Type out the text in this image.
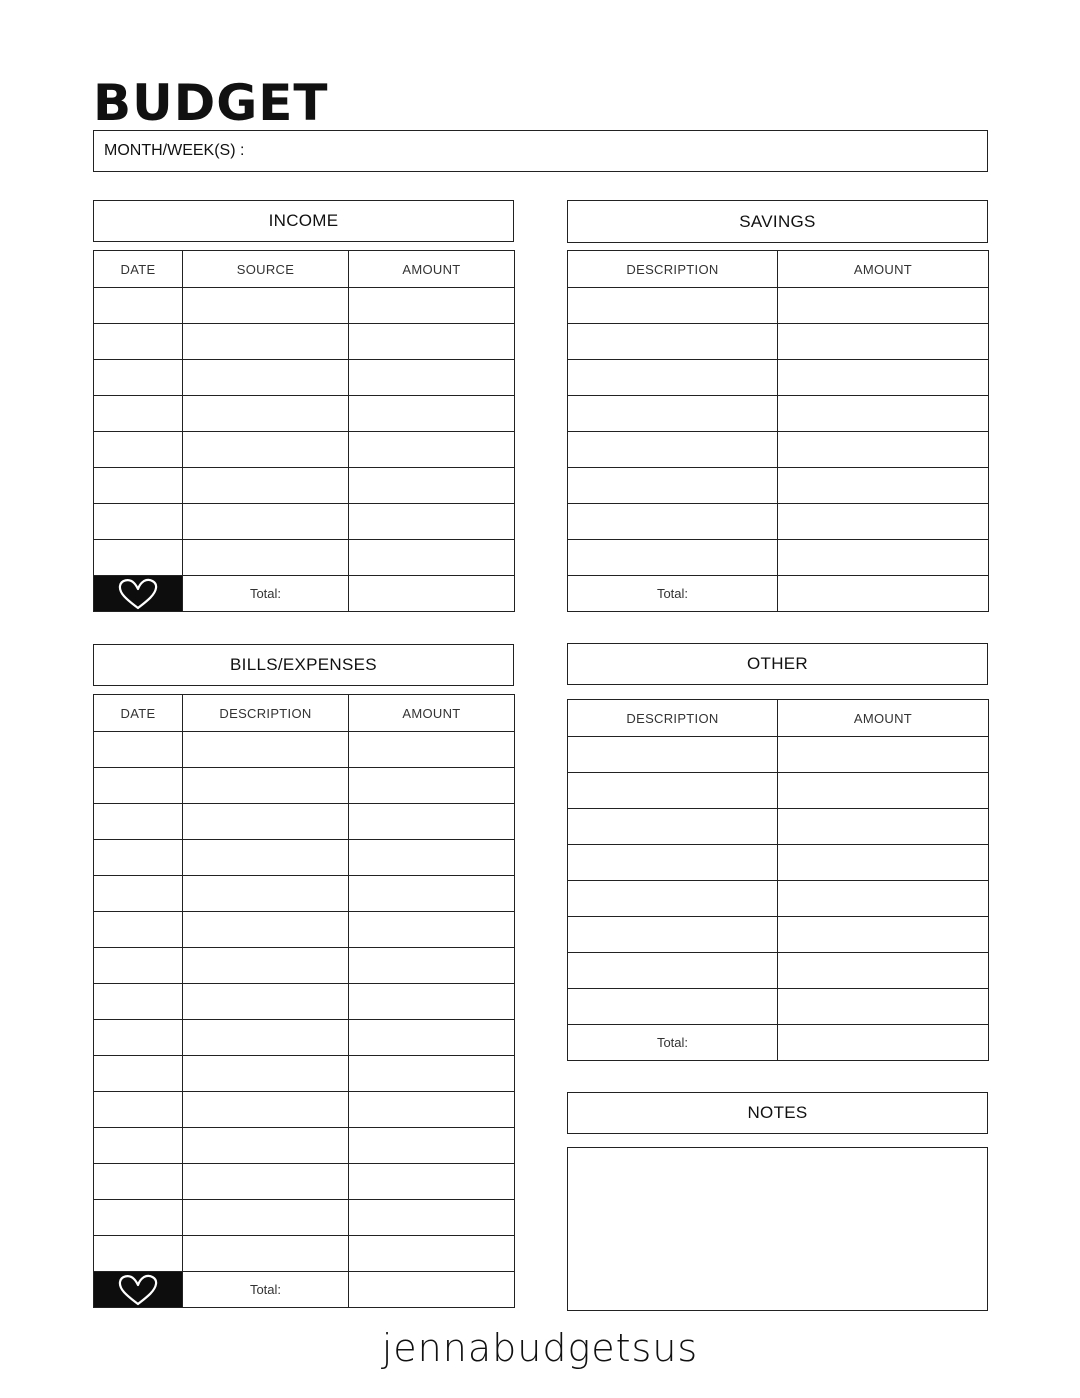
BUDGET
MONTH/WEEK(S) :
INCOME
DATE	SOURCE	AMOUNT

	Total:	
SAVINGS
DESCRIPTION	AMOUNT

Total:	
BILLS/EXPENSES
DATE	DESCRIPTION	AMOUNT

	Total:	
OTHER
DESCRIPTION	AMOUNT

Total:	
NOTES
jennabudgetsus
